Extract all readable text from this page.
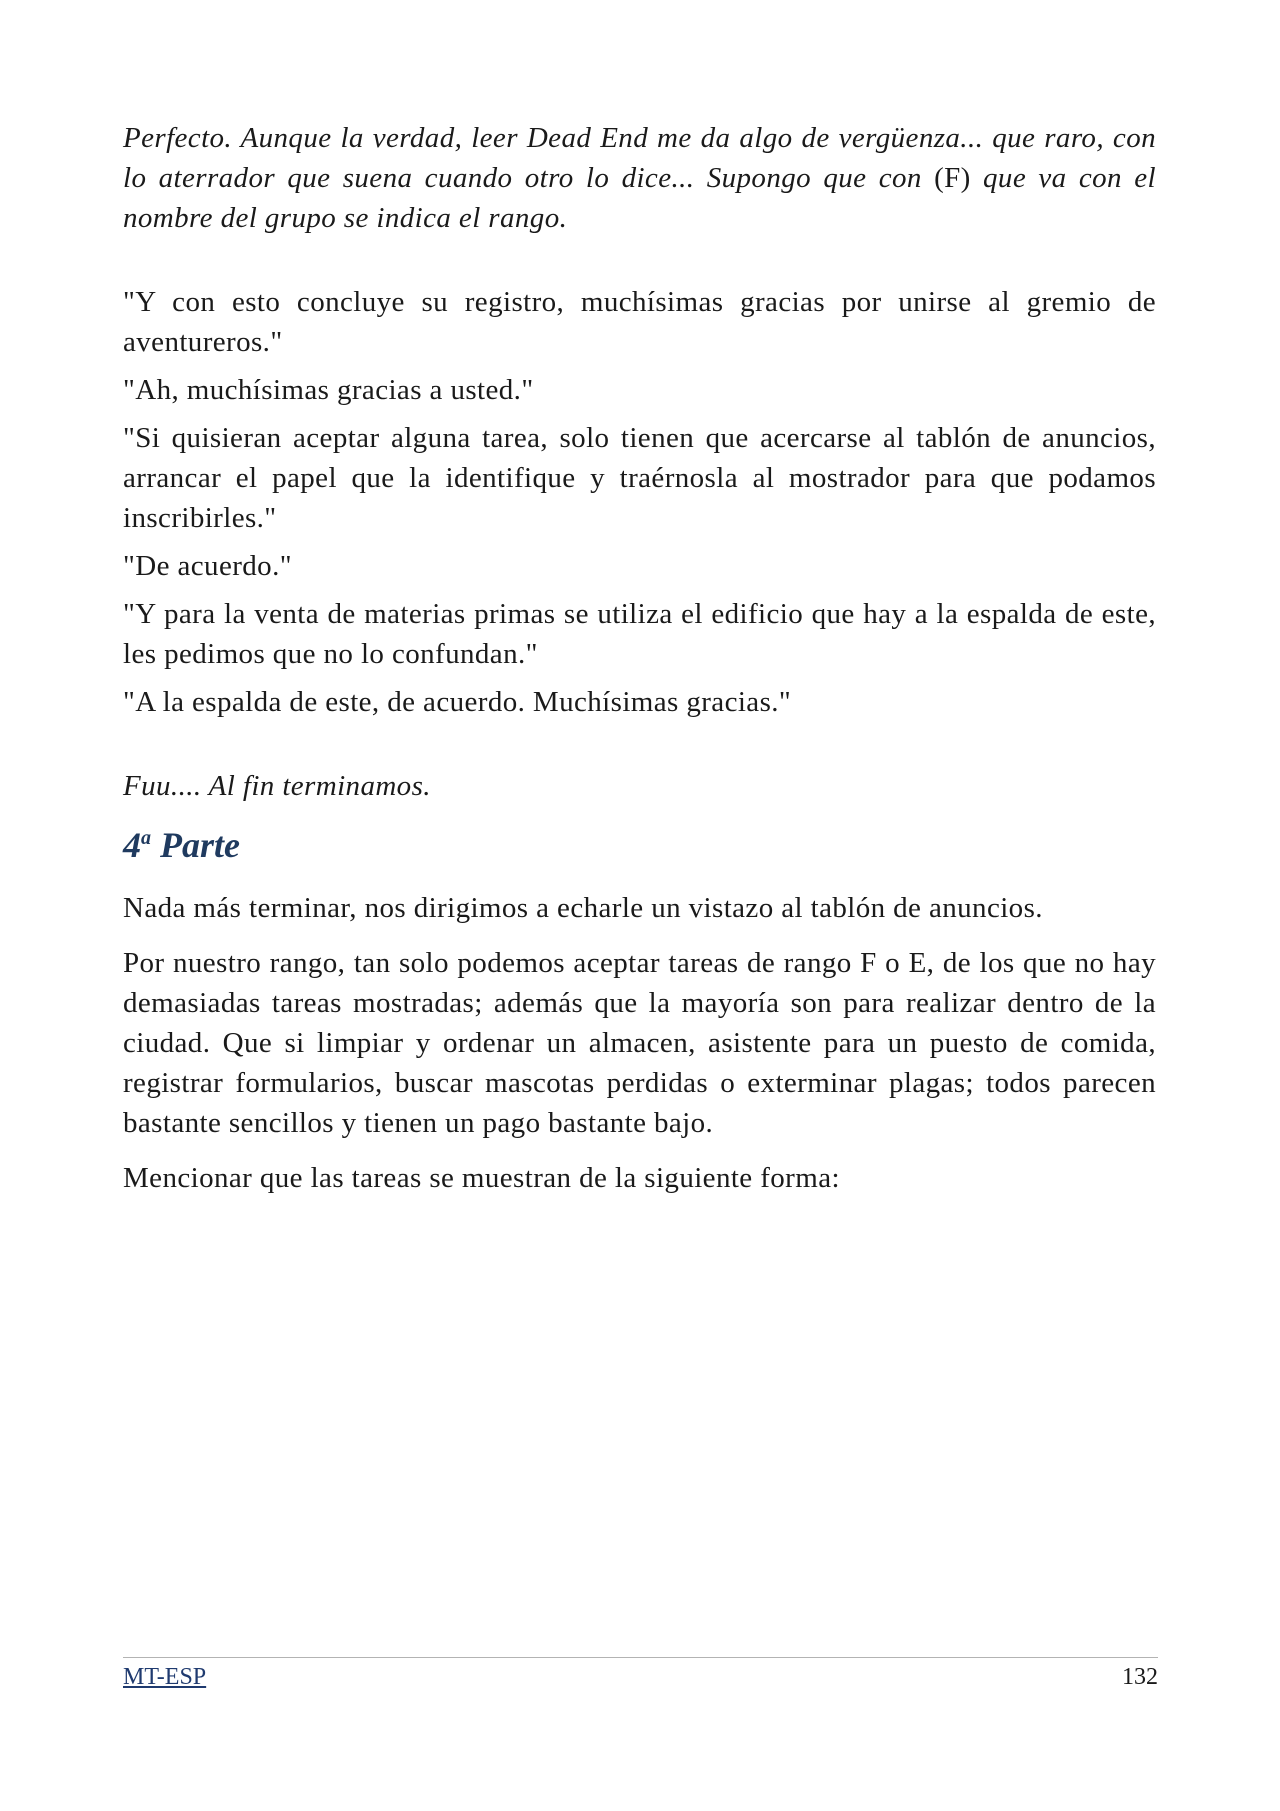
Perfecto. Aunque la verdad, leer Dead End me da algo de vergüenza... que raro, con lo aterrador que suena cuando otro lo dice... Supongo que con (F) que va con el nombre del grupo se indica el rango.

"Y con esto concluye su registro, muchísimas gracias por unirse al gremio de aventureros."

"Ah, muchísimas gracias a usted."

"Si quisieran aceptar alguna tarea, solo tienen que acercarse al tablón de anuncios, arrancar el papel que la identifique y traérnosla al mostrador para que podamos inscribirles."

"De acuerdo."

"Y para la venta de materias primas se utiliza el edificio que hay a la espalda de este, les pedimos que no lo confundan."

"A la espalda de este, de acuerdo. Muchísimas gracias."

Fuu.... Al fin terminamos.

4$^a$ Parte

Nada más terminar, nos dirigimos a echarle un vistazo al tablón de anuncios.

Por nuestro rango, tan solo podemos aceptar tareas de rango F o E, de los que no hay demasiadas tareas mostradas; además que la mayoría son para realizar dentro de la ciudad. Que si limpiar y ordenar un almacen, asistente para un puesto de comida, registrar formularios, buscar mascotas perdidas o exterminar plagas; todos parecen bastante sencillos y tienen un pago bastante bajo.

Mencionar que las tareas se muestran de la siguiente forma:

MT-ESP	132
